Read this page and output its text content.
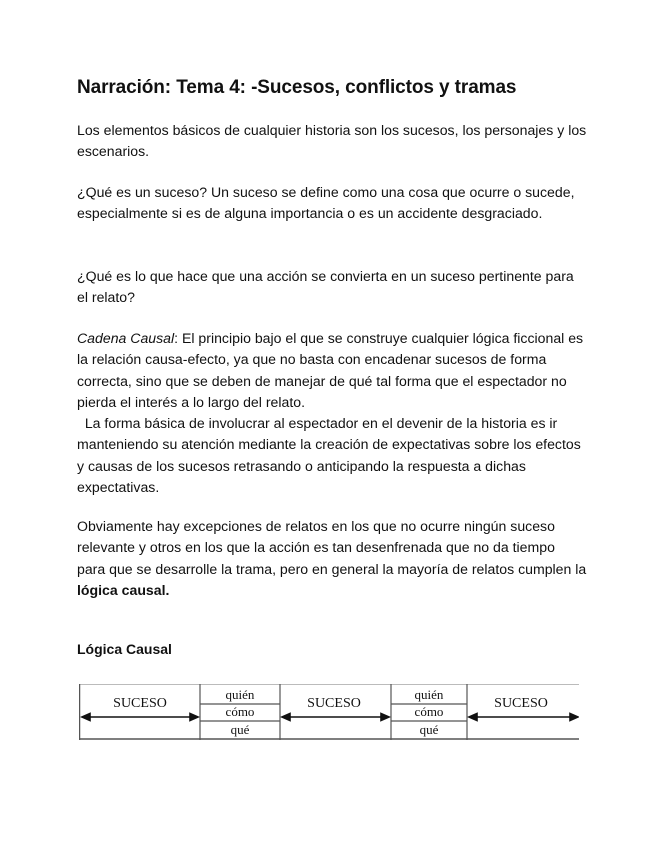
Narración: Tema 4: -Sucesos, conflictos y tramas

Los elementos básicos de cualquier historia son los sucesos, los personajes y los escenarios.

¿Qué es un suceso? Un suceso se define como una cosa que ocurre o sucede, especialmente si es de alguna importancia o es un accidente desgraciado.

¿Qué es lo que hace que una acción se convierta en un suceso pertinente para el relato?

Cadena Causal: El principio bajo el que se construye cualquier lógica ficcional es la relación causa-efecto, ya que no basta con encadenar sucesos de forma correcta, sino que se deben de manejar de qué tal forma que el espectador no pierda el interés a lo largo del relato.
La forma básica de involucrar al espectador en el devenir de la historia es ir manteniendo su atención mediante la creación de expectativas sobre los efectos y causas de los sucesos retrasando o anticipando la respuesta a dichas expectativas.

Obviamente hay excepciones de relatos en los que no ocurre ningún suceso relevante y otros en los que la acción es tan desenfrenada que no da tiempo para que se desarrolle la trama, pero en general la mayoría de relatos cumplen la lógica causal.

Lógica Causal
quién
cómo
qué
quién
cómo
qué
SUCESO	SUCESO	SUCESO
